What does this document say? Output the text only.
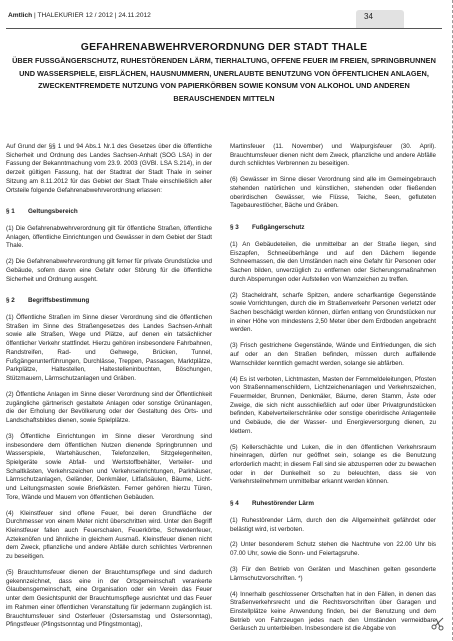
Amtlich | THALEKURIER 12 / 2012 | 24.11.2012	34
GEFAHRENABWEHRVERORDNUNG DER STADT THALE
ÜBER FUSSGÄNGERSCHUTZ, RUHESTÖRENDEN LÄRM, TIERHALTUNG, OFFENE FEUER IM FREIEN, SPRINGBRUNNEN UND WASSERSPIELE, EISFLÄCHEN, HAUSNUMMERN, UNERLAUBTE BENUTZUNG VON ÖFFENTLICHEN ANLAGEN, ZWECKENTFREMDETE NUTZUNG VON PAPIERKÖRBEN SOWIE KONSUM VON ALKOHOL UND ANDEREN BERAUSCHENDEN MITTELN

Auf Grund der §§ 1 und 94 Abs.1 Nr.1 des Gesetzes über die öffentliche Sicherheit und Ordnung des Landes Sachsen-Anhalt (SOG LSA) in der Fassung der Bekanntmachung vom 23.9. 2003 (GVBl. LSA S.214), in der derzeit gültigen Fassung, hat der Stadtrat der Stadt Thale in seiner Sitzung am 8.11.2012 für das Gebiet der Stadt Thale einschließlich aller Ortsteile folgende Gefahrenabwehrverordnung erlassen:

§ 1 Geltungsbereich

(1) Die Gefahrenabwehrverordnung gilt für öffentliche Straßen, öffentliche Anlagen, öffentliche Einrichtungen und Gewässer in dem Gebiet der Stadt Thale.

(2) Die Gefahrenabwehrverordnung gilt ferner für private Grundstücke und Gebäude, sofern davon eine Gefahr oder Störung für die öffentliche Sicherheit und Ordnung ausgeht.

§ 2 Begriffsbestimmung

(1) Öffentliche Straßen im Sinne dieser Verordnung sind die öffentlichen Straßen im Sinne des Straßengesetzes des Landes Sachsen-Anhalt sowie alle Straßen, Wege und Plätze, auf denen ein tatsächlicher öffentlicher Verkehr stattfindet. Hierzu gehören insbesondere Fahrbahnen, Randstreifen, Rad- und Gehwege, Brücken, Tunnel, Fußgängerunterführungen, Durchlässe, Treppen, Passagen, Marktplätze, Parkplätze, Haltestellen, Haltestelleninbuchten, Böschungen, Stützmauern, Lärmschutzanlagen und Gräben.

(2) Öffentliche Anlagen im Sinne dieser Verordnung sind der Öffentlichkeit zugängliche gärtnerisch gestaltete Anlagen oder sonstige Grünanlagen, die der Erholung der Bevölkerung oder der Gestaltung des Orts- und Landschaftsbildes dienen, sowie Spielplätze.

(3) Öffentliche Einrichtungen im Sinne dieser Verordnung sind insbesondere dem öffentlichen Nutzen dienende Springbrunnen und Wasserspiele, Wartehäuschen, Telefonzellen, Sitzgelegenheiten, Spielgeräte sowie Abfall- und Wertstoffbehälter, Verteiler- und Schaltkästen, Verkehrszeichen und Verkehrseinrichtungen, Parkhäuser, Lärmschutzanlagen, Geländer, Denkmäler, Litfaßsäulen, Bäume, Licht- und Leitungsmasten sowie Briefkästen. Ferner gehören hierzu Türen, Tore, Wände und Mauern von öffentlichen Gebäuden.

(4) Kleinstfeuer sind offene Feuer, bei deren Grundfläche der Durchmesser von einem Meter nicht überschritten wird. Unter den Begriff Kleinstfeuer fallen auch Feuerschalen, Feuerkörbe, Schwedenfeuer, Aztekenöfen und ähnliche in gleichem Ausmaß. Kleinstfeuer dienen nicht dem Zweck, pflanzliche und andere Abfälle durch schlichtes Verbrennen zu beseitigen.

(5) Brauchtumsfeuer dienen der Brauchtumspflege und sind dadurch gekennzeichnet, dass eine in der Ortsgemeinschaft verankerte Glaubensgemeinschaft, eine Organisation oder ein Verein das Feuer unter dem Gesichtspunkt der Brauchtumspflege ausrichtet und das Feuer im Rahmen einer öffentlichen Veranstaltung für jedermann zugänglich ist. Brauchtumsfeuer sind Osterfeuer (Ostersamstag und Ostersonntag), Pfingstfeuer (Pfingstsonntag und Pfingstmontag),

Martinsfeuer (11. November) und Walpurgisfeuer (30. April). Brauchtumsfeuer dienen nicht dem Zweck, pflanzliche und andere Abfälle durch schlichtes Verbrennen zu beseitigen.

(6) Gewässer im Sinne dieser Verordnung sind alle im Gemeingebrauch stehenden natürlichen und künstlichen, stehenden oder fließenden oberirdischen Gewässer, wie Flüsse, Teiche, Seen, gefluteten Tagebaurestlöcher, Bäche und Gräben.

§ 3 Fußgängerschutz

(1) An Gebäudeteilen, die unmittelbar an der Straße liegen, sind Eiszapfen, Schneeüberhänge und auf den Dächern liegende Schneemassen, die den Umständen nach eine Gefahr für Personen oder Sachen bilden, unverzüglich zu entfernen oder Sicherungsmaßnahmen durch Absperrungen oder Aufstellen von Warnzeichen zu treffen.

(2) Stacheldraht, scharfe Spitzen, andere scharfkantige Gegenstände sowie Vorrichtungen, durch die im Straßenverkehr Personen verletzt oder Sachen beschädigt werden können, dürfen entlang von Grundstücken nur in einer Höhe von mindestens 2,50 Meter über dem Erdboden angebracht werden.

(3) Frisch gestrichene Gegenstände, Wände und Einfriedungen, die sich auf oder an den Straßen befinden, müssen durch auffallende Warnschilder kenntlich gemacht werden, solange sie abfärben.

(4) Es ist verboten, Lichtmasten, Masten der Fernmeldeleitungen, Pfosten von Straßennamenschildern, Lichtzeichenanlagen und Verkehrszeichen, Feuermelder, Brunnen, Denkmäler, Bäume, deren Stamm, Äste oder Zweige, die sich nicht ausschließlich auf oder über Privatgrundstücken befinden, Kabelverteilerschränke oder sonstige oberirdische Anlagenteile und Gebäude, die der Wasser- und Energieversorgung dienen, zu klettern.

(5) Kellerschächte und Luken, die in den öffentlichen Verkehrsraum hineinragen, dürfen nur geöffnet sein, solange es die Benutzung erforderlich macht; in diesem Fall sind sie abzusperren oder zu bewachen oder in der Dunkelheit so zu beleuchten, dass sie von Verkehrsteilnehmern unmittelbar erkannt werden können.

§ 4 Ruhestörender Lärm

(1) Ruhestörender Lärm, durch den die Allgemeinheit gefährdet oder belästigt wird, ist verboten.

(2) Unter besonderem Schutz stehen die Nachtruhe von 22.00 Uhr bis 07.00 Uhr, sowie die Sonn- und Feiertagsruhe.

(3) Für den Betrieb von Geräten und Maschinen gelten gesonderte Lärmschutzvorschriften. *)

(4) Innerhalb geschlossener Ortschaften hat in den Fällen, in denen das Straßenverkehrsrecht und die Rechtsvorschriften über Garagen und Einstellplätze keine Anwendung finden, bei der Benutzung und dem Betrieb von Fahrzeugen jedes nach den Umständen vermeidbare Geräusch zu unterbleiben. Insbesondere ist die Abgabe von
